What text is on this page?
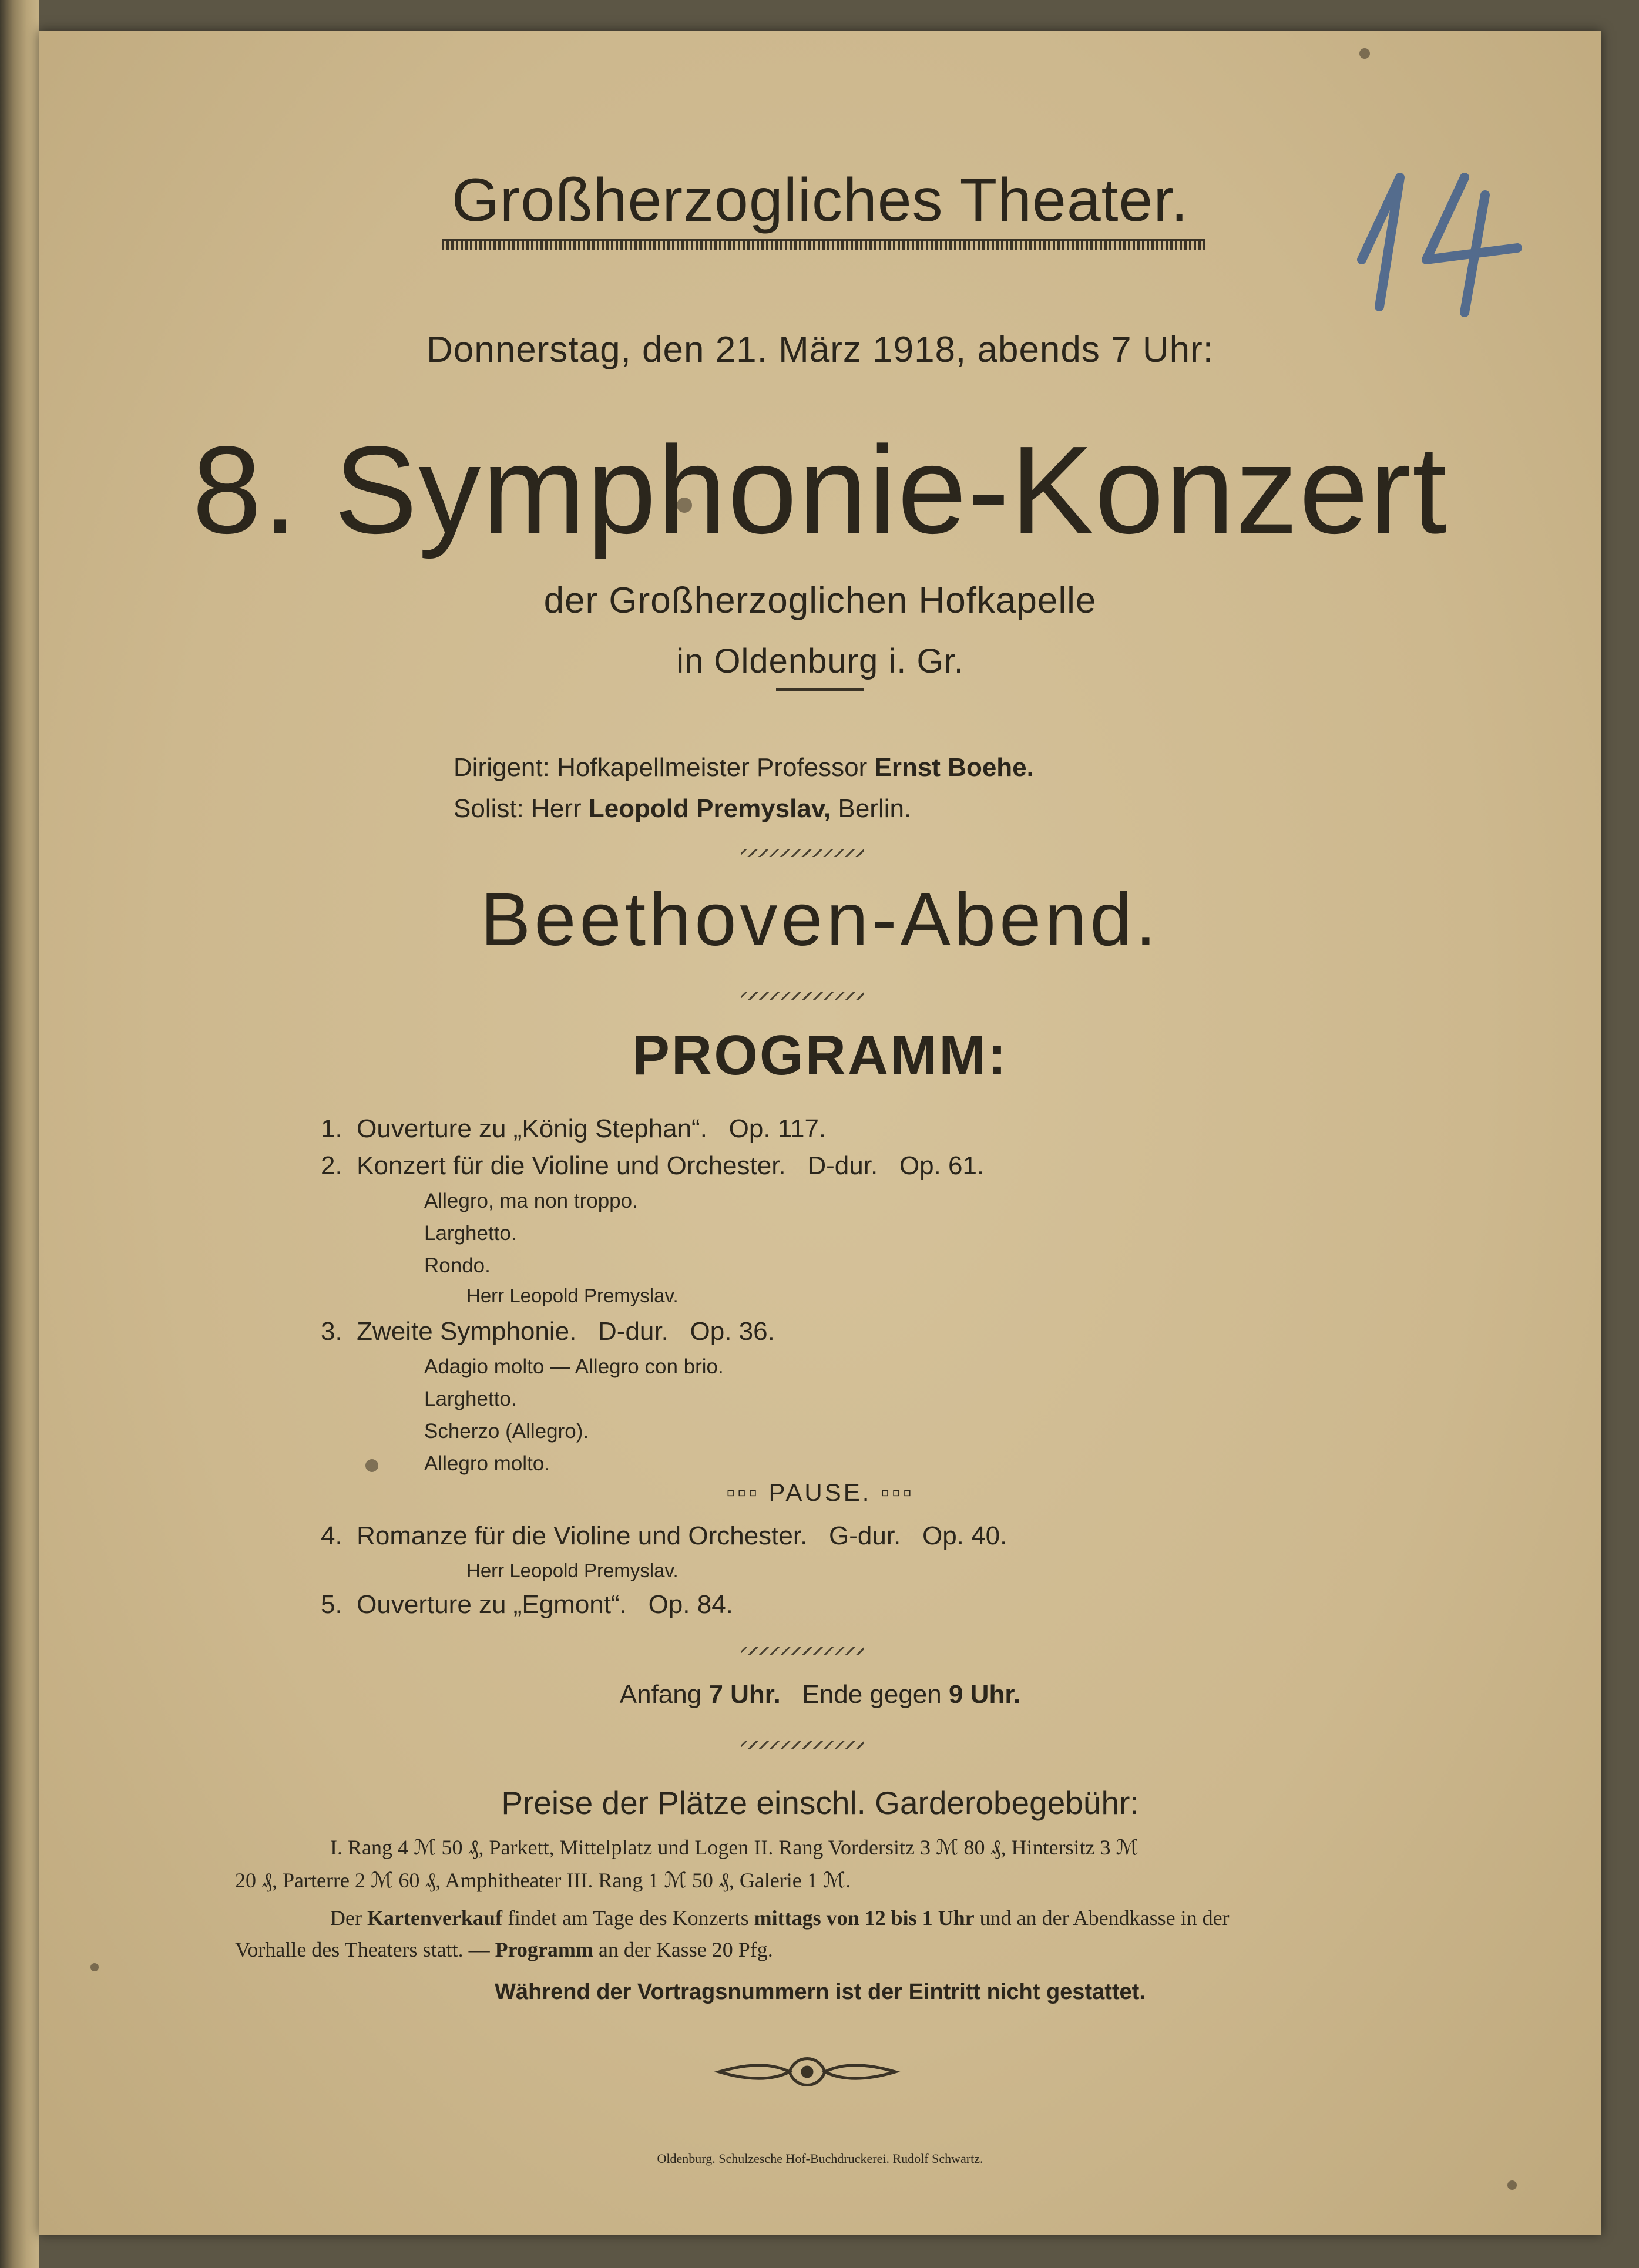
Großherzogliches Theater.
Donnerstag, den 21. März 1918, abends 7 Uhr:
8. Symphonie-Konzert
der Großherzoglichen Hofkapelle
in Oldenburg i. Gr.
Dirigent: Hofkapellmeister Professor Ernst Boehe.
Solist: Herr Leopold Premyslav, Berlin.
Beethoven-Abend.
PROGRAMM:
1. Ouverture zu „König Stephan“. Op. 117.
2. Konzert für die Violine und Orchester. D-dur. Op. 61.
Allegro, ma non troppo.
Larghetto.
Rondo.
Herr Leopold Premyslav.
3. Zweite Symphonie. D-dur. Op. 36.
Adagio molto — Allegro con brio.
Larghetto.
Scherzo (Allegro).
Allegro molto.
▫▫▫ PAUSE. ▫▫▫
4. Romanze für die Violine und Orchester. G-dur. Op. 40.
Herr Leopold Premyslav.
5. Ouverture zu „Egmont“. Op. 84.
Anfang 7 Uhr. Ende gegen 9 Uhr.
Preise der Plätze einschl. Garderobegebühr:
I. Rang 4 ℳ 50 ₰, Parkett, Mittelplatz und Logen II. Rang Vordersitz 3 ℳ 80 ₰, Hintersitz 3 ℳ
20 ₰, Parterre 2 ℳ 60 ₰, Amphitheater III. Rang 1 ℳ 50 ₰, Galerie 1 ℳ.
Der Kartenverkauf findet am Tage des Konzerts mittags von 12 bis 1 Uhr und an der Abendkasse in der
Vorhalle des Theaters statt. — Programm an der Kasse 20 Pfg.
Während der Vortragsnummern ist der Eintritt nicht gestattet.
Oldenburg. Schulzesche Hof-Buchdruckerei. Rudolf Schwartz.
